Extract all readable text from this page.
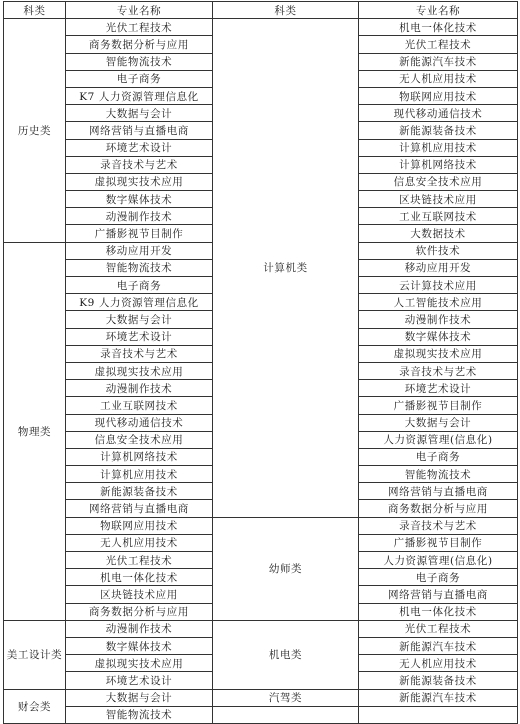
科类	专业名称	科类	专业名称
历史类	光伏工程技术	计算机类	机电一体化技术
	商务数据分析与应用		光伏工程技术
	智能物流技术		新能源汽车技术
	电子商务		无人机应用技术
	K7 人力资源管理信息化		物联网应用技术
	大数据与会计		现代移动通信技术
	网络营销与直播电商		新能源装备技术
	环境艺术设计		计算机应用技术
	录音技术与艺术		计算机网络技术
	虚拟现实技术应用		信息安全技术应用
	数字媒体技术		区块链技术应用
	动漫制作技术		工业互联网技术
	广播影视节目制作		大数据技术
物理类	移动应用开发		软件技术
	智能物流技术		移动应用开发
	电子商务		云计算技术应用
	K9 人力资源管理信息化		人工智能技术应用
	大数据与会计		动漫制作技术
	环境艺术设计		数字媒体技术
	录音技术与艺术		虚拟现实技术应用
	虚拟现实技术应用		录音技术与艺术
	动漫制作技术		环境艺术设计
	工业互联网技术		广播影视节目制作
	现代移动通信技术		大数据与会计
	信息安全技术应用		人力资源管理(信息化)
	计算机网络技术		电子商务
	计算机应用技术		智能物流技术
	新能源装备技术		网络营销与直播电商
	网络营销与直播电商		商务数据分析与应用
	物联网应用技术	幼师类	录音技术与艺术
	无人机应用技术		广播影视节目制作
	光伏工程技术		人力资源管理(信息化)
	机电一体化技术		电子商务
	区块链技术应用		网络营销与直播电商
	商务数据分析与应用		机电一体化技术
美工设计类	动漫制作技术	机电类	光伏工程技术
	数字媒体技术		新能源汽车技术
	虚拟现实技术应用		无人机应用技术
	环境艺术设计		新能源装备技术
财会类	大数据与会计	汽驾类	新能源汽车技术
	智能物流技术		
